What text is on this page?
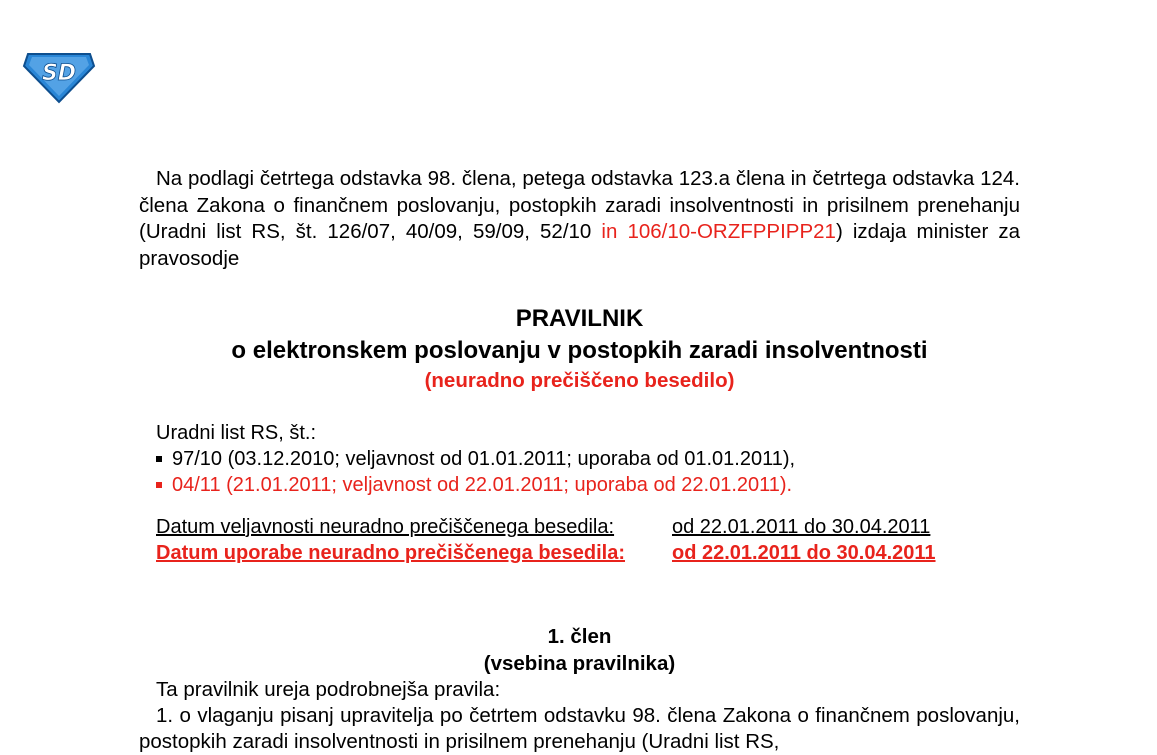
SD

Na podlagi četrtega odstavka 98. člena, petega odstavka 123.a člena in četrtega odstavka 124. člena Zakona o finančnem poslovanju, postopkih zaradi insolventnosti in prisilnem prenehanju (Uradni list RS, št. 126/07, 40/09, 59/09, 52/10 in 106/10-ORZFPPIPP21) izdaja minister za pravosodje

PRAVILNIK
o elektronskem poslovanju v postopkih zaradi insolventnosti
(neuradno prečiščeno besedilo)
Uradni list RS, št.:
97/10 (03.12.2010; veljavnost od 01.01.2011; uporaba od 01.01.2011),
04/11 (21.01.2011; veljavnost od 22.01.2011; uporaba od 22.01.2011).
Datum veljavnosti neuradno prečiščenega besedila:	od 22.01.2011 do 30.04.2011
Datum uporabe neuradno prečiščenega besedila:	od 22.01.2011 do 30.04.2011
1. člen
(vsebina pravilnika)

Ta pravilnik ureja podrobnejša pravila:

1. o vlaganju pisanj upravitelja po četrtem odstavku 98. člena Zakona o finančnem poslovanju, postopkih zaradi insolventnosti in prisilnem prenehanju (Uradni list RS,
